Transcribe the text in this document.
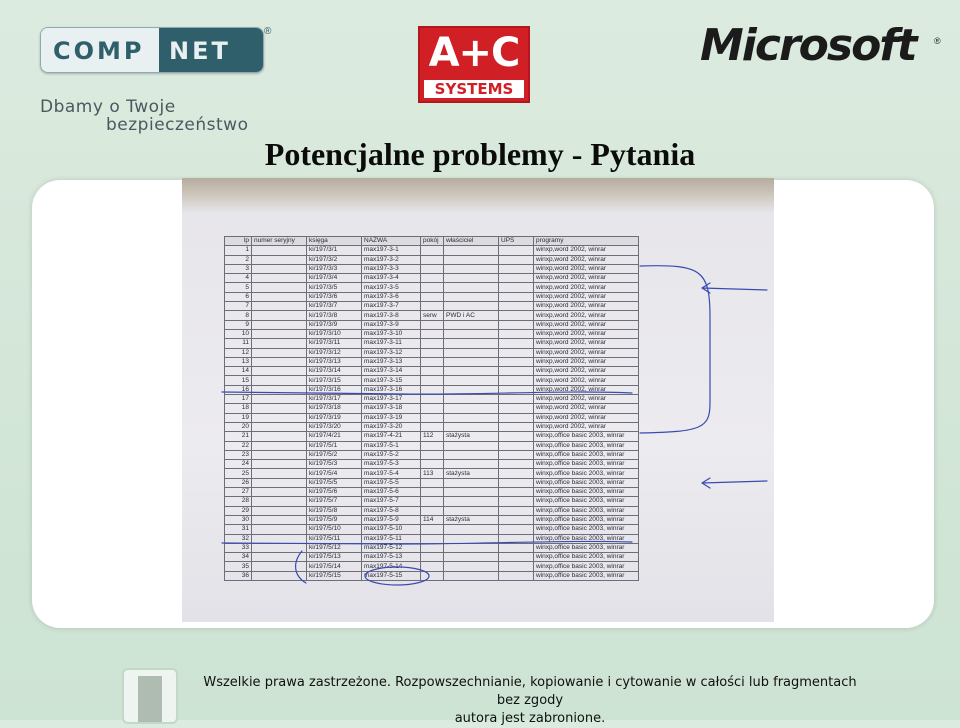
COMP NET
®
Dbamy o Twoje
bezpieczeństwo
A+C
SYSTEMS
Microsoft ®
Potencjalne problemy - Pytania
lp	numer seryjny	księga	NAZWA	pokój	właściciel	UPS	programy
1		ki/197/3/1	max197-3-1				winxp,word 2002, winrar
2		ki/197/3/2	max197-3-2				winxp,word 2002, winrar
3		ki/197/3/3	max197-3-3				winxp,word 2002, winrar
4		ki/197/3/4	max197-3-4				winxp,word 2002, winrar
5		ki/197/3/5	max197-3-5				winxp,word 2002, winrar
6		ki/197/3/6	max197-3-6				winxp,word 2002, winrar
7		ki/197/3/7	max197-3-7				winxp,word 2002, winrar
8		ki/197/3/8	max197-3-8	serw	PWD i AC		winxp,word 2002, winrar
9		ki/197/3/9	max197-3-9				winxp,word 2002, winrar
10		ki/197/3/10	max197-3-10				winxp,word 2002, winrar
11		ki/197/3/11	max197-3-11				winxp,word 2002, winrar
12		ki/197/3/12	max197-3-12				winxp,word 2002, winrar
13		ki/197/3/13	max197-3-13				winxp,word 2002, winrar
14		ki/197/3/14	max197-3-14				winxp,word 2002, winrar
15		ki/197/3/15	max197-3-15				winxp,word 2002, winrar
16		ki/197/3/16	max197-3-16				winxp,word 2002, winrar
17		ki/197/3/17	max197-3-17				winxp,word 2002, winrar
18		ki/197/3/18	max197-3-18				winxp,word 2002, winrar
19		ki/197/3/19	max197-3-19				winxp,word 2002, winrar
20		ki/197/3/20	max197-3-20				winxp,word 2002, winrar
21		ki/197/4/21	max197-4-21	112	stażysta		winxp,office basic 2003, winrar
22		ki/197/5/1	max197-5-1				winxp,office basic 2003, winrar
23		ki/197/5/2	max197-5-2				winxp,office basic 2003, winrar
24		ki/197/5/3	max197-5-3				winxp,office basic 2003, winrar
25		ki/197/5/4	max197-5-4	113	stażysta		winxp,office basic 2003, winrar
26		ki/197/5/5	max197-5-5				winxp,office basic 2003, winrar
27		ki/197/5/6	max197-5-6				winxp,office basic 2003, winrar
28		ki/197/5/7	max197-5-7				winxp,office basic 2003, winrar
29		ki/197/5/8	max197-5-8				winxp,office basic 2003, winrar
30		ki/197/5/9	max197-5-9	114	stażysta		winxp,office basic 2003, winrar
31		ki/197/5/10	max197-5-10				winxp,office basic 2003, winrar
32		ki/197/5/11	max197-5-11				winxp,office basic 2003, winrar
33		ki/197/5/12	max197-5-12				winxp,office basic 2003, winrar
34		ki/197/5/13	max197-5-13				winxp,office basic 2003, winrar
35		ki/197/5/14	max197-5-14				winxp,office basic 2003, winrar
36		ki/197/5/15	max197-5-15				winxp,office basic 2003, winrar
Wszelkie prawa zastrzeżone. Rozpowszechnianie, kopiowanie i cytowanie w całości lub fragmentach bez zgody
autora jest zabronione.
